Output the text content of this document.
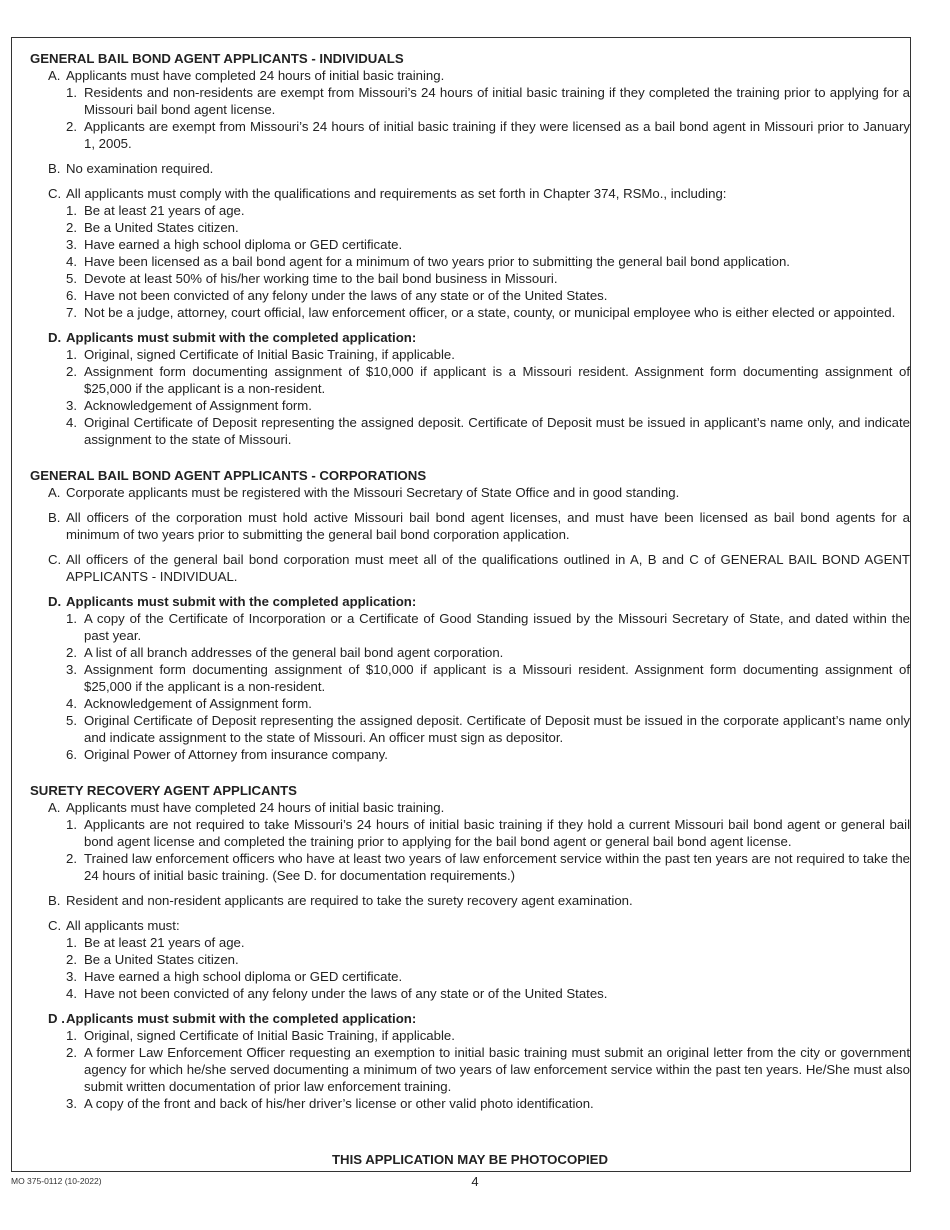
GENERAL BAIL BOND AGENT APPLICANTS - INDIVIDUALS
A. Applicants must have completed 24 hours of initial basic training.
1. Residents and non-residents are exempt from Missouri’s 24 hours of initial basic training if they completed the training prior to applying for a Missouri bail bond agent license.
2. Applicants are exempt from Missouri’s 24 hours of initial basic training if they were licensed as a bail bond agent in Missouri prior to January 1, 2005.
B. No examination required.
C. All applicants must comply with the qualifications and requirements as set forth in Chapter 374, RSMo., including:
1. Be at least 21 years of age.
2. Be a United States citizen.
3. Have earned a high school diploma or GED certificate.
4. Have been licensed as a bail bond agent for a minimum of two years prior to submitting the general bail bond application.
5. Devote at least 50% of his/her working time to the bail bond business in Missouri.
6. Have not been convicted of any felony under the laws of any state or of the United States.
7. Not be a judge, attorney, court official, law enforcement officer, or a state, county, or municipal employee who is either elected or appointed.
D. Applicants must submit with the completed application:
1. Original, signed Certificate of Initial Basic Training, if applicable.
2. Assignment form documenting assignment of $10,000 if applicant is a Missouri resident. Assignment form documenting assignment of $25,000 if the applicant is a non-resident.
3. Acknowledgement of Assignment form.
4. Original Certificate of Deposit representing the assigned deposit. Certificate of Deposit must be issued in applicant’s name only, and indicate assignment to the state of Missouri.
GENERAL BAIL BOND AGENT APPLICANTS - CORPORATIONS
A. Corporate applicants must be registered with the Missouri Secretary of State Office and in good standing.
B. All officers of the corporation must hold active Missouri bail bond agent licenses, and must have been licensed as bail bond agents for a minimum of two years prior to submitting the general bail bond corporation application.
C. All officers of the general bail bond corporation must meet all of the qualifications outlined in A, B and C of GENERAL BAIL BOND AGENT APPLICANTS - INDIVIDUAL.
D. Applicants must submit with the completed application:
1. A copy of the Certificate of Incorporation or a Certificate of Good Standing issued by the Missouri Secretary of State, and dated within the past year.
2. A list of all branch addresses of the general bail bond agent corporation.
3. Assignment form documenting assignment of $10,000 if applicant is a Missouri resident. Assignment form documenting assignment of $25,000 if the applicant is a non-resident.
4. Acknowledgement of Assignment form.
5. Original Certificate of Deposit representing the assigned deposit. Certificate of Deposit must be issued in the corporate applicant’s name only and indicate assignment to the state of Missouri. An officer must sign as depositor.
6. Original Power of Attorney from insurance company.
SURETY RECOVERY AGENT APPLICANTS
A. Applicants must have completed 24 hours of initial basic training.
1. Applicants are not required to take Missouri’s 24 hours of initial basic training if they hold a current Missouri bail bond agent or general bail bond agent license and completed the training prior to applying for the bail bond agent or general bail bond agent license.
2. Trained law enforcement officers who have at least two years of law enforcement service within the past ten years are not required to take the 24 hours of initial basic training. (See D. for documentation requirements.)
B. Resident and non-resident applicants are required to take the surety recovery agent examination.
C. All applicants must:
1. Be at least 21 years of age.
2. Be a United States citizen.
3. Have earned a high school diploma or GED certificate.
4. Have not been convicted of any felony under the laws of any state or of the United States.
D . Applicants must submit with the completed application:
1. Original, signed Certificate of Initial Basic Training, if applicable.
2. A former Law Enforcement Officer requesting an exemption to initial basic training must submit an original letter from the city or government agency for which he/she served documenting a minimum of two years of law enforcement service within the past ten years. He/She must also submit written documentation of prior law enforcement training.
3. A copy of the front and back of his/her driver’s license or other valid photo identification.
THIS APPLICATION MAY BE PHOTOCOPIED
MO 375-0112 (10-2022)	4
